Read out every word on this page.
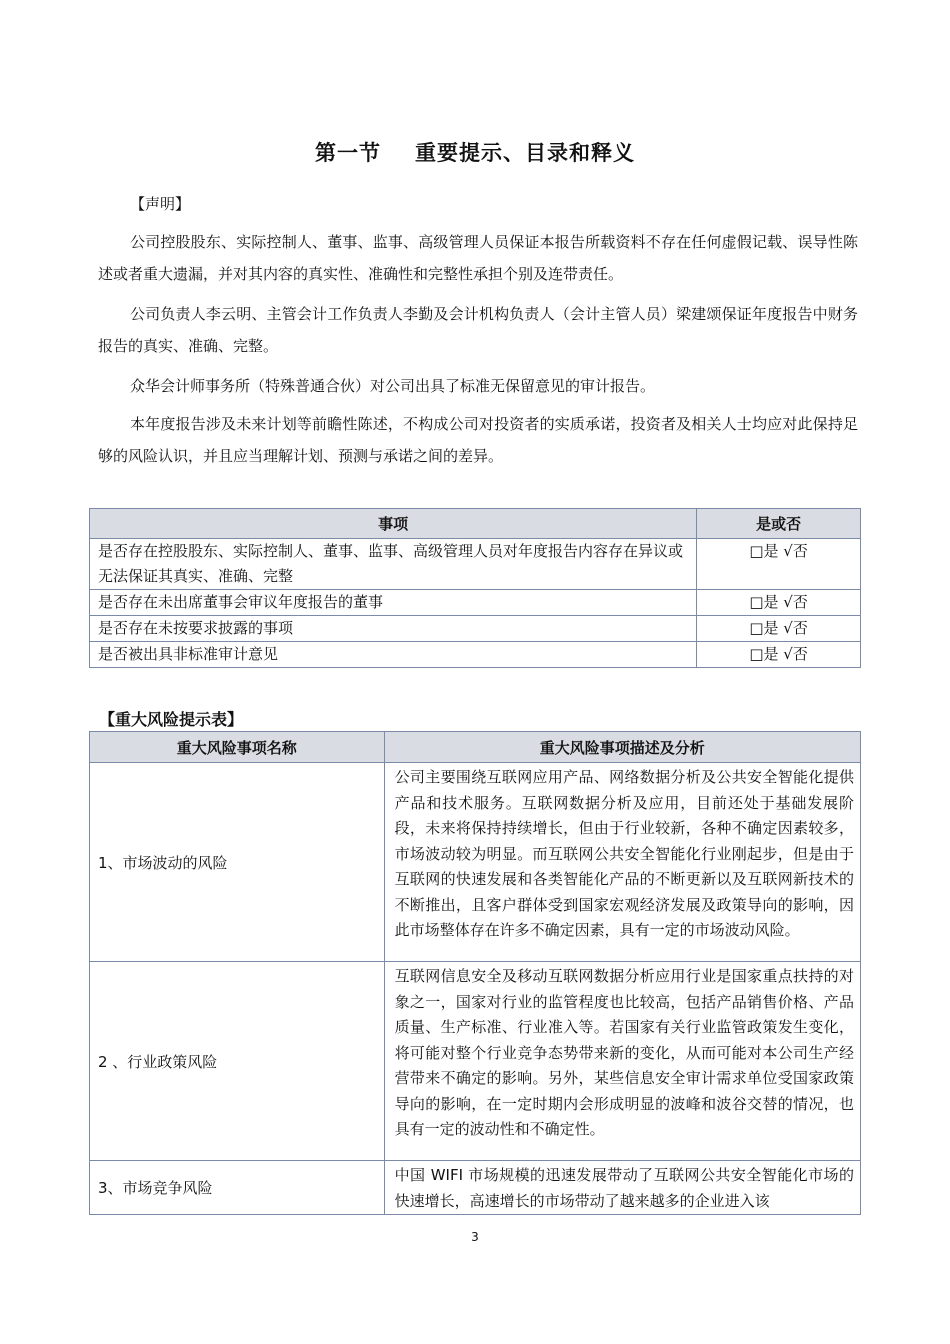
第一节 重要提示、目录和释义
【声明】

公司控股股东、实际控制人、董事、监事、高级管理人员保证本报告所载资料不存在任何虚假记载、误导性陈述或者重大遗漏，并对其内容的真实性、准确性和完整性承担个别及连带责任。

公司负责人李云明、主管会计工作负责人李勤及会计机构负责人（会计主管人员）梁建颂保证年度报告中财务报告的真实、准确、完整。

众华会计师事务所（特殊普通合伙）对公司出具了标准无保留意见的审计报告。

本年度报告涉及未来计划等前瞻性陈述，不构成公司对投资者的实质承诺，投资者及相关人士均应对此保持足够的风险认识，并且应当理解计划、预测与承诺之间的差异。

事项	是或否
是否存在控股股东、实际控制人、董事、监事、高级管理人员对年度报告内容存在异议或无法保证其真实、准确、完整	□是 √否
是否存在未出席董事会审议年度报告的董事	□是 √否
是否存在未按要求披露的事项	□是 √否
是否被出具非标准审计意见	□是 √否
【重大风险提示表】
重大风险事项名称	重大风险事项描述及分析
1、市场波动的风险	公司主要围绕互联网应用产品、网络数据分析及公共安全智能化提供产品和技术服务。互联网数据分析及应用，目前还处于基础发展阶段，未来将保持持续增长，但由于行业较新，各种不确定因素较多，市场波动较为明显。而互联网公共安全智能化行业刚起步，但是由于互联网的快速发展和各类智能化产品的不断更新以及互联网新技术的不断推出，且客户群体受到国家宏观经济发展及政策导向的影响，因此市场整体存在许多不确定因素，具有一定的市场波动风险。
2 、行业政策风险	互联网信息安全及移动互联网数据分析应用行业是国家重点扶持的对象之一，国家对行业的监管程度也比较高，包括产品销售价格、产品质量、生产标准、行业准入等。若国家有关行业监管政策发生变化，将可能对整个行业竞争态势带来新的变化，从而可能对本公司生产经营带来不确定的影响。另外，某些信息安全审计需求单位受国家政策导向的影响，在一定时期内会形成明显的波峰和波谷交替的情况，也具有一定的波动性和不确定性。
3、市场竞争风险	中国 WIFI 市场规模的迅速发展带动了互联网公共安全智能化市场的快速增长，高速增长的市场带动了越来越多的企业进入该
3
